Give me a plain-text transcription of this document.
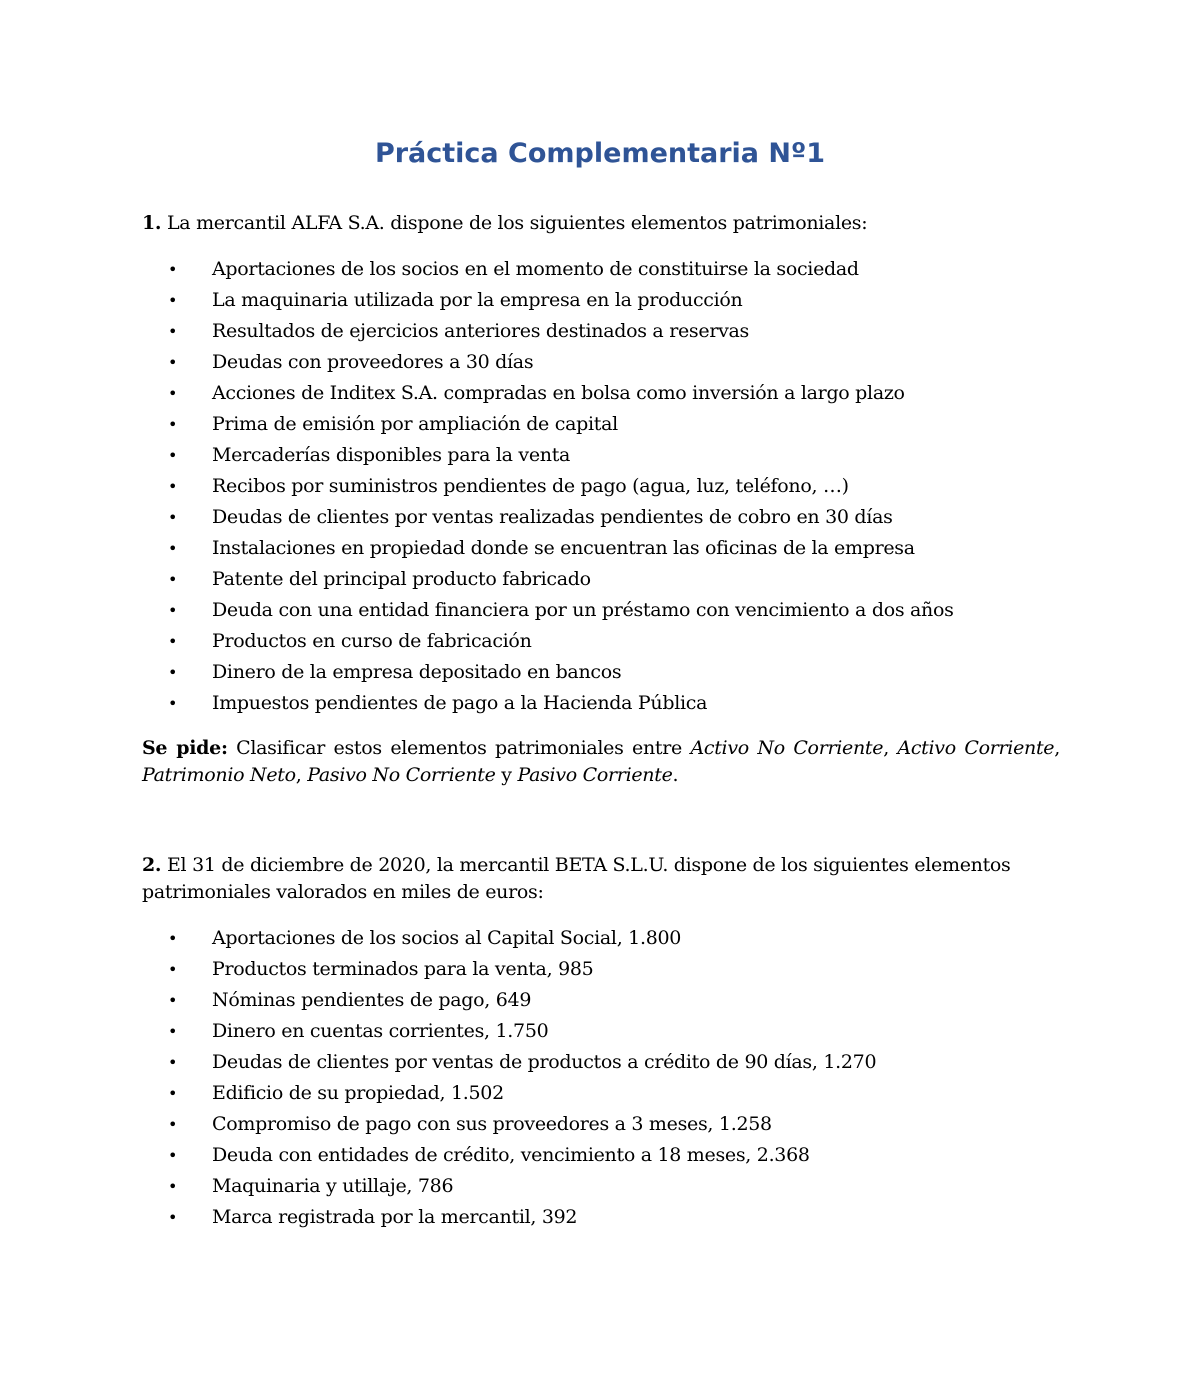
Práctica Complementaria Nº1
1. La mercantil ALFA S.A. dispone de los siguientes elementos patrimoniales:
• Aportaciones de los socios en el momento de constituirse la sociedad
• La maquinaria utilizada por la empresa en la producción
• Resultados de ejercicios anteriores destinados a reservas
• Deudas con proveedores a 30 días
• Acciones de Inditex S.A. compradas en bolsa como inversión a largo plazo
• Prima de emisión por ampliación de capital
• Mercaderías disponibles para la venta
• Recibos por suministros pendientes de pago (agua, luz, teléfono, …)
• Deudas de clientes por ventas realizadas pendientes de cobro en 30 días
• Instalaciones en propiedad donde se encuentran las oficinas de la empresa
• Patente del principal producto fabricado
• Deuda con una entidad financiera por un préstamo con vencimiento a dos años
• Productos en curso de fabricación
• Dinero de la empresa depositado en bancos
• Impuestos pendientes de pago a la Hacienda Pública
Se pide: Clasificar estos elementos patrimoniales entre Activo No Corriente, Activo Corriente, Patrimonio Neto, Pasivo No Corriente y Pasivo Corriente.
2. El 31 de diciembre de 2020, la mercantil BETA S.L.U. dispone de los siguientes elementos patrimoniales valorados en miles de euros:
• Aportaciones de los socios al Capital Social, 1.800
• Productos terminados para la venta, 985
• Nóminas pendientes de pago, 649
• Dinero en cuentas corrientes, 1.750
• Deudas de clientes por ventas de productos a crédito de 90 días, 1.270
• Edificio de su propiedad, 1.502
• Compromiso de pago con sus proveedores a 3 meses, 1.258
• Deuda con entidades de crédito, vencimiento a 18 meses, 2.368
• Maquinaria y utillaje, 786
• Marca registrada por la mercantil, 392
